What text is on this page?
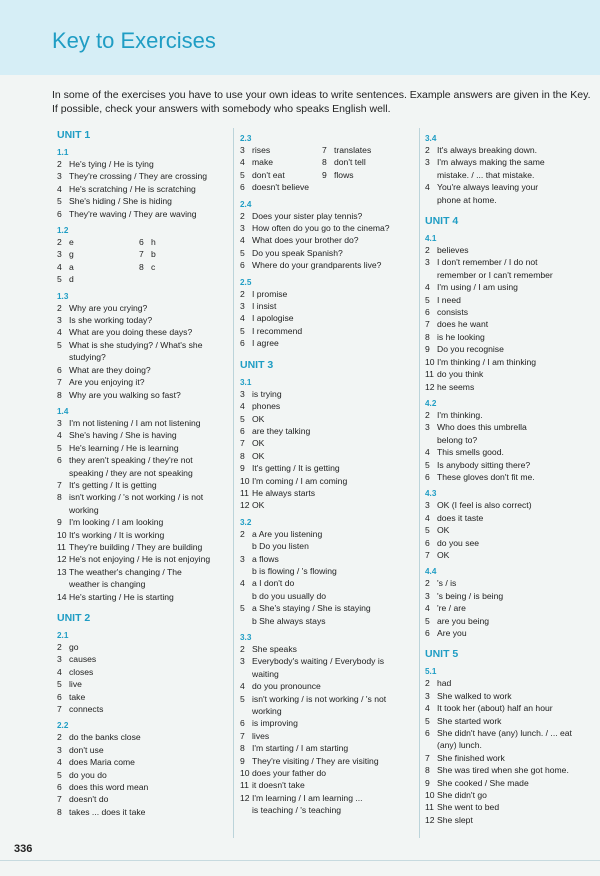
Key to Exercises
In some of the exercises you have to use your own ideas to write sentences. Example answers are given in the Key. If possible, check your answers with somebody who speaks English well.
UNIT 1
1.1
2 He's tying / He is tying
3 They're crossing / They are crossing
4 He's scratching / He is scratching
5 She's hiding / She is hiding
6 They're waving / They are waving
1.2
2 e	6 h
3 g	7 b
4 a	8 c
5 d
1.3
2 Why are you crying?
3 Is she working today?
4 What are you doing these days?
5 What is she studying? / What's she
studying?
6 What are they doing?
7 Are you enjoying it?
8 Why are you walking so fast?
1.4
3 I'm not listening / I am not listening
4 She's having / She is having
5 He's learning / He is learning
6 they aren't speaking / they're not
speaking / they are not speaking
7 It's getting / It is getting
8 isn't working / 's not working / is not
working
9 I'm looking / I am looking
10 It's working / It is working
11 They're building / They are building
12 He's not enjoying / He is not enjoying
13 The weather's changing / The
weather is changing
14 He's starting / He is starting
UNIT 2
2.1
2 go
3 causes
4 closes
5 live
6 take
7 connects
2.2
2 do the banks close
3 don't use
4 does Maria come
5 do you do
6 does this word mean
7 doesn't do
8 takes ... does it take
2.3
3 rises	7 translates
4 make	8 don't tell
5 don't eat	9 flows
6 doesn't believe
2.4
2 Does your sister play tennis?
3 How often do you go to the cinema?
4 What does your brother do?
5 Do you speak Spanish?
6 Where do your grandparents live?
2.5
2 I promise
3 I insist
4 I apologise
5 I recommend
6 I agree
UNIT 3
3.1
3 is trying
4 phones
5 OK
6 are they talking
7 OK
8 OK
9 It's getting / It is getting
10 I'm coming / I am coming
11 He always starts
12 OK
3.2
2 a Are you listening
b Do you listen
3 a flows
b is flowing / 's flowing
4 a I don't do
b do you usually do
5 a She's staying / She is staying
b She always stays
3.3
2 She speaks
3 Everybody's waiting / Everybody is
waiting
4 do you pronounce
5 isn't working / is not working / 's not
working
6 is improving
7 lives
8 I'm starting / I am starting
9 They're visiting / They are visiting
10 does your father do
11 it doesn't take
12 I'm learning / I am learning ...
is teaching / 's teaching
3.4
2 It's always breaking down.
3 I'm always making the same
mistake. / ... that mistake.
4 You're always leaving your
phone at home.
UNIT 4
4.1
2 believes
3 I don't remember / I do not
remember or I can't remember
4 I'm using / I am using
5 I need
6 consists
7 does he want
8 is he looking
9 Do you recognise
10 I'm thinking / I am thinking
11 do you think
12 he seems
4.2
2 I'm thinking.
3 Who does this umbrella
belong to?
4 This smells good.
5 Is anybody sitting there?
6 These gloves don't fit me.
4.3
3 OK (I feel is also correct)
4 does it taste
5 OK
6 do you see
7 OK
4.4
2 's / is
3 's being / is being
4 're / are
5 are you being
6 Are you
UNIT 5
5.1
2 had
3 She walked to work
4 It took her (about) half an hour
5 She started work
6 She didn't have (any) lunch. / ... eat
(any) lunch.
7 She finished work
8 She was tired when she got home.
9 She cooked / She made
10 She didn't go
11 She went to bed
12 She slept
336
